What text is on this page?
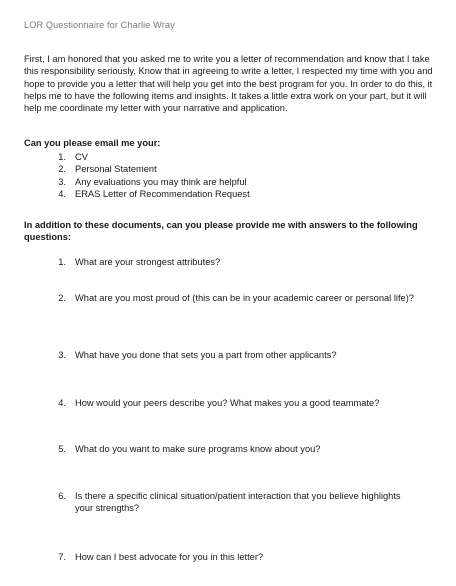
LOR Questionnaire for Charlie Wray

First, I am honored that you asked me to write you a letter of recommendation and know that I take this responsibility seriously. Know that in agreeing to write a letter, I respected my time with you and hope to provide you a letter that will help you get into the best program for you. In order to do this, it helps me to have the following items and insights. It takes a little extra work on your part, but it will help me coordinate my letter with your narrative and application.

Can you please email me your:

1. CV
2. Personal Statement
3. Any evaluations you may think are helpful
4. ERAS Letter of Recommendation Request

In addition to these documents, can you please provide me with answers to the following questions:

1. What are your strongest attributes?
2. What are you most proud of (this can be in your academic career or personal life)?
3. What have you done that sets you a part from other applicants?
4. How would your peers describe you? What makes you a good teammate?
5. What do you want to make sure programs know about you?
6. Is there a specific clinical situation/patient interaction that you believe highlights your strengths?
7. How can I best advocate for you in this letter?
